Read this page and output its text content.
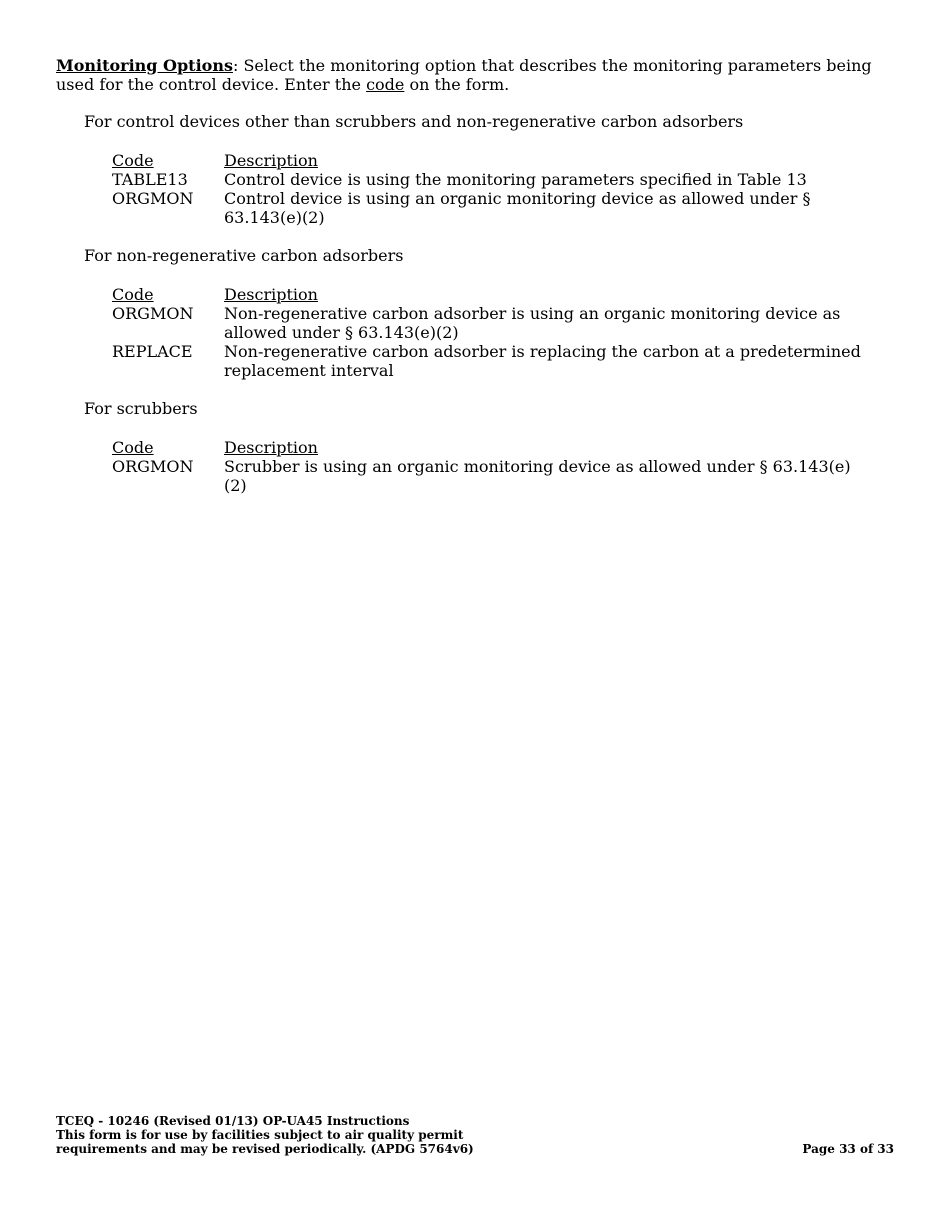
Monitoring Options: Select the monitoring option that describes the monitoring parameters being used for the control device. Enter the code on the form.

For control devices other than scrubbers and non-regenerative carbon adsorbers
Code	Description
TABLE13	Control device is using the monitoring parameters specified in Table 13
ORGMON	Control device is using an organic monitoring device as allowed under § 63.143(e)(2)
For non-regenerative carbon adsorbers
Code	Description
ORGMON	Non-regenerative carbon adsorber is using an organic monitoring device as allowed under § 63.143(e)(2)
REPLACE	Non-regenerative carbon adsorber is replacing the carbon at a predetermined replacement interval
For scrubbers
Code	Description
ORGMON	Scrubber is using an organic monitoring device as allowed under § 63.143(e)(2)
TCEQ - 10246 (Revised 01/13) OP-UA45 Instructions
This form is for use by facilities subject to air quality permit
requirements and may be revised periodically. (APDG 5764v6)	Page 33 of 33
